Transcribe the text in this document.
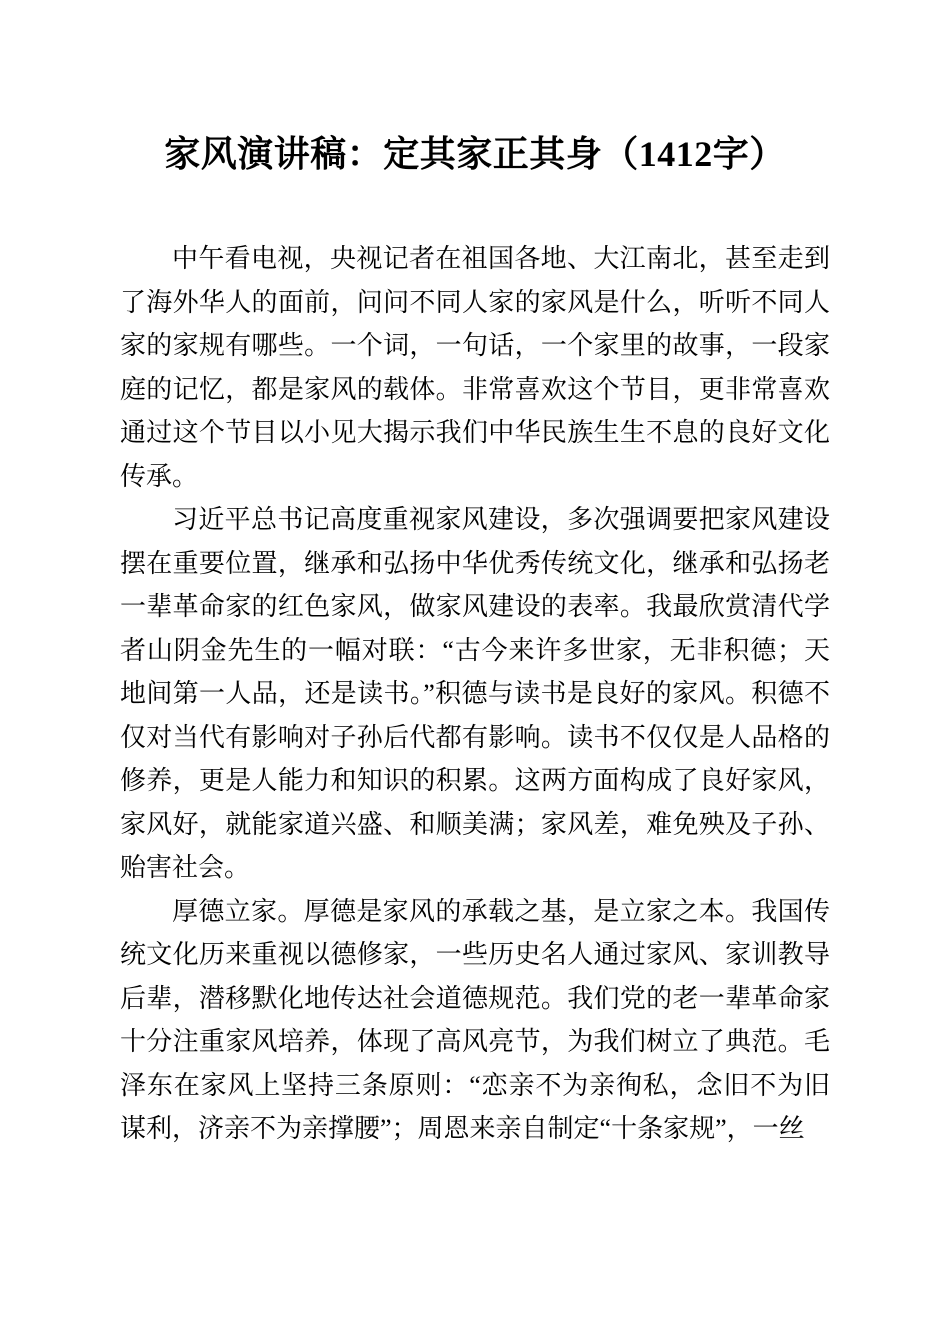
家风演讲稿：定其家正其身（1412字）

中午看电视，央视记者在祖国各地、大江南北，甚至走到了海外华人的面前，问问不同人家的家风是什么，听听不同人家的家规有哪些。一个词，一句话，一个家里的故事，一段家庭的记忆，都是家风的载体。非常喜欢这个节目，更非常喜欢通过这个节目以小见大揭示我们中华民族生生不息的良好文化传承。

习近平总书记高度重视家风建设，多次强调要把家风建设摆在重要位置，继承和弘扬中华优秀传统文化，继承和弘扬老一辈革命家的红色家风，做家风建设的表率。我最欣赏清代学者山阴金先生的一幅对联：“古今来许多世家，无非积德；天地间第一人品，还是读书。”积德与读书是良好的家风。积德不仅对当代有影响对子孙后代都有影响。读书不仅仅是人品格的修养，更是人能力和知识的积累。这两方面构成了良好家风，家风好，就能家道兴盛、和顺美满；家风差，难免殃及子孙、贻害社会。

厚德立家。厚德是家风的承载之基，是立家之本。我国传统文化历来重视以德修家，一些历史名人通过家风、家训教导后辈，潜移默化地传达社会道德规范。我们党的老一辈革命家十分注重家风培养，体现了高风亮节，为我们树立了典范。毛泽东在家风上坚持三条原则：“恋亲不为亲徇私，念旧不为旧谋利，济亲不为亲撑腰”；周恩来亲自制定“十条家规”，一丝
